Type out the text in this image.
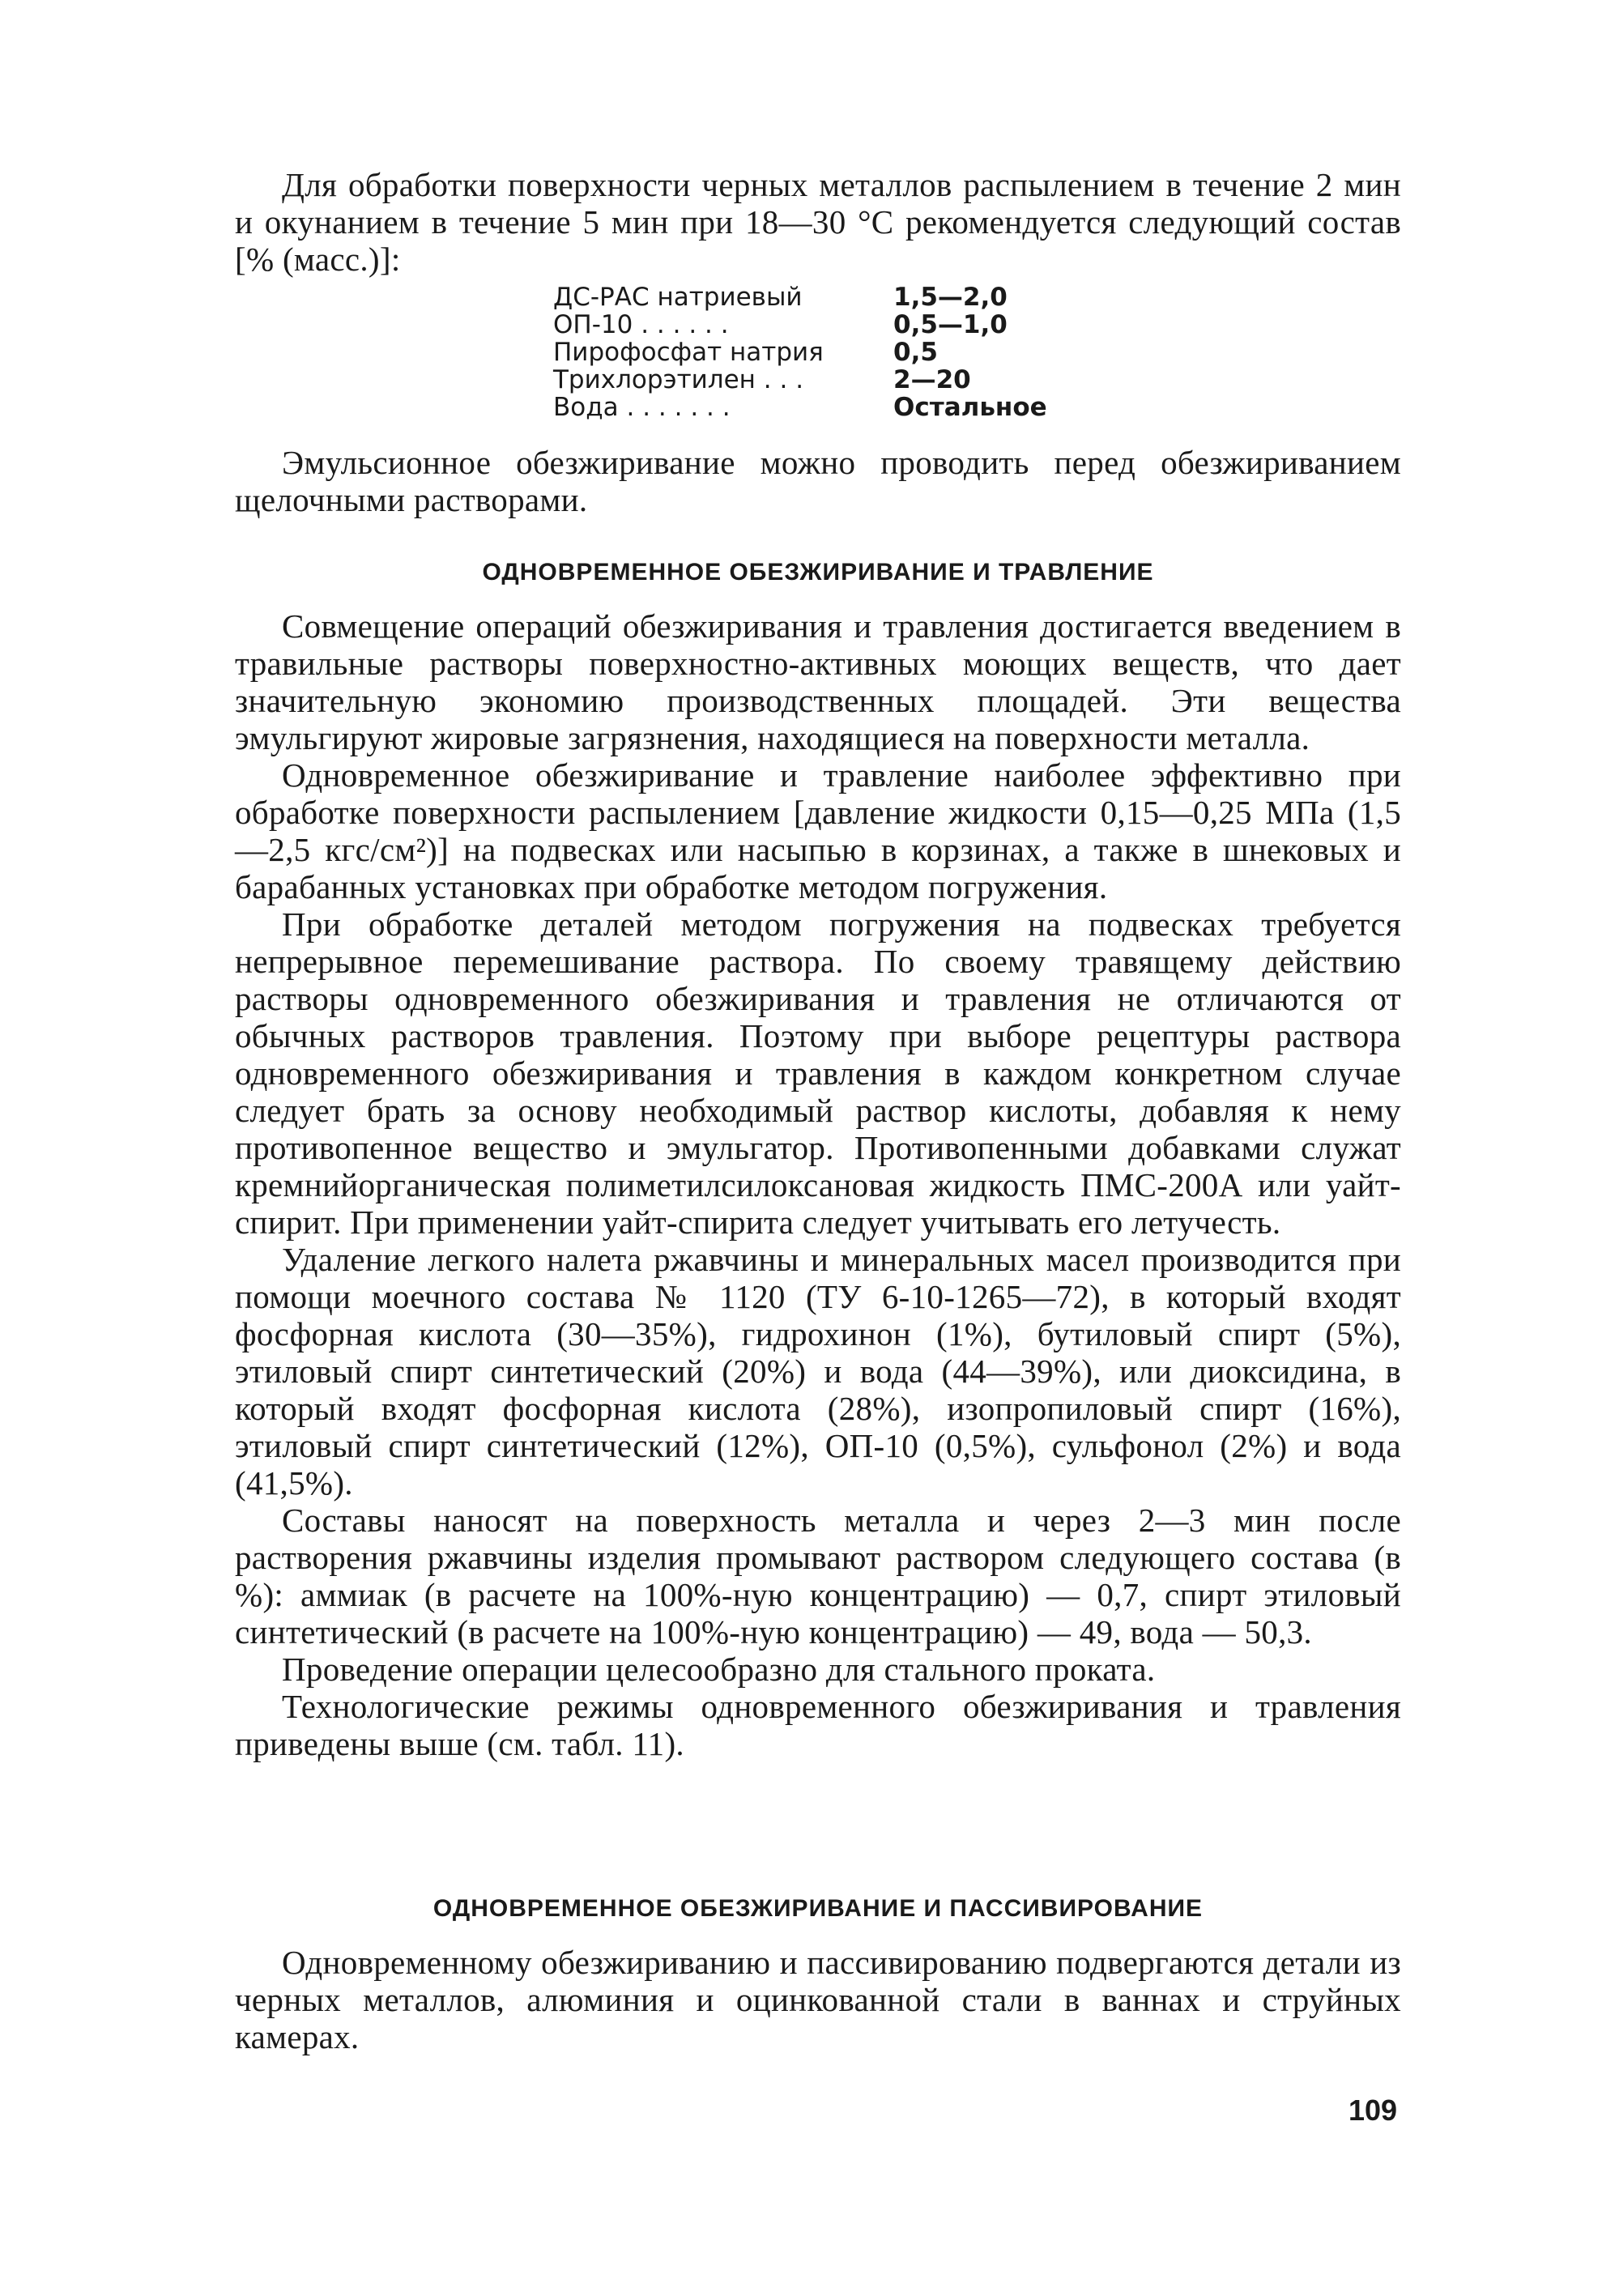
Для обработки поверхности черных металлов распылением в течение 2 мин и окунанием в течение 5 мин при 18—30 °С рекомендуется следующий состав [% (масс.)]:

ДС-РАС натриевый	1,5—2,0
ОП-10 . . . . . .	0,5—1,0
Пирофосфат натрия	0,5
Трихлорэтилен . . .	2—20
Вода . . . . . . .	Остальное

Эмульсионное обезжиривание можно проводить перед обезжириванием щелочными растворами.

ОДНОВРЕМЕННОЕ ОБЕЗЖИРИВАНИЕ И ТРАВЛЕНИЕ

Совмещение операций обезжиривания и травления достигается введением в травильные растворы поверхностно-активных моющих веществ, что дает значительную экономию производственных площадей. Эти вещества эмульгируют жировые загрязнения, находящиеся на поверхности металла.

Одновременное обезжиривание и травление наиболее эффективно при обработке поверхности распылением [давление жидкости 0,15—0,25 МПа (1,5—2,5 кгс/см²)] на подвесках или насыпью в корзинах, а также в шнековых и барабанных установках при обработке методом погружения.

При обработке деталей методом погружения на подвесках требуется непрерывное перемешивание раствора. По своему травящему действию растворы одновременного обезжиривания и травления не отличаются от обычных растворов травления. Поэтому при выборе рецептуры раствора одновременного обезжиривания и травления в каждом конкретном случае следует брать за основу необходимый раствор кислоты, добавляя к нему противопенное вещество и эмульгатор. Противопенными добавками служат кремнийорганическая полиметилсилоксановая жидкость ПМС-200А или уайт-спирит. При применении уайт-спирита следует учитывать его летучесть.

Удаление легкого налета ржавчины и минеральных масел производится при помощи моечного состава № 1120 (ТУ 6-10-1265—72), в который входят фосфорная кислота (30—35%), гидрохинон (1%), бутиловый спирт (5%), этиловый спирт синтетический (20%) и вода (44—39%), или диоксидина, в который входят фосфорная кислота (28%), изопропиловый спирт (16%), этиловый спирт синтетический (12%), ОП-10 (0,5%), сульфонол (2%) и вода (41,5%).

Составы наносят на поверхность металла и через 2—3 мин после растворения ржавчины изделия промывают раствором следующего состава (в %): аммиак (в расчете на 100%-ную концентрацию) — 0,7, спирт этиловый синтетический (в расчете на 100%-ную концентрацию) — 49, вода — 50,3.

Проведение операции целесообразно для стального проката.

Технологические режимы одновременного обезжиривания и травления приведены выше (см. табл. 11).

ОДНОВРЕМЕННОЕ ОБЕЗЖИРИВАНИЕ И ПАССИВИРОВАНИЕ

Одновременному обезжириванию и пассивированию подвергаются детали из черных металлов, алюминия и оцинкованной стали в ваннах и струйных камерах.

109
